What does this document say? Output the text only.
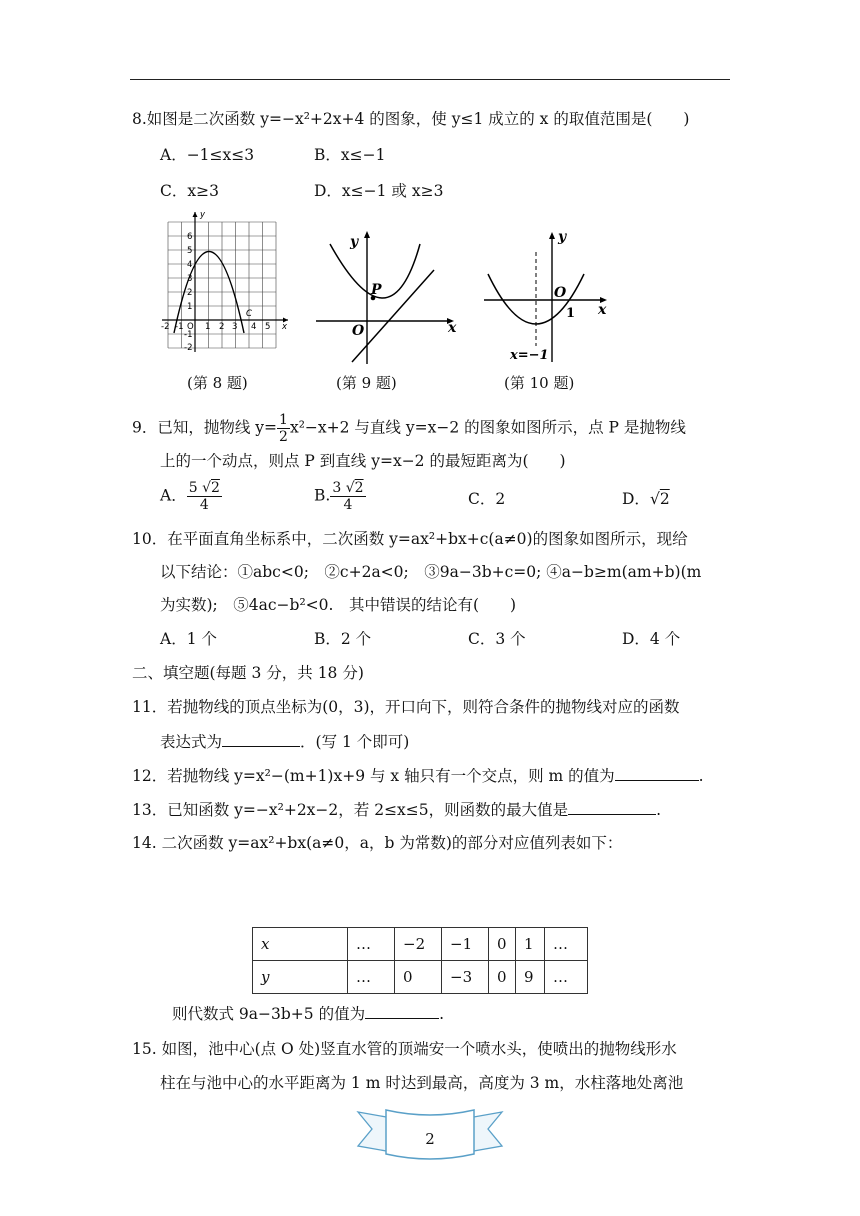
8.如图是二次函数 y=−x²+2x+4 的图象，使 y≤1 成立的 x 的取值范围是(　　)
A．−1≤x≤3	B．x≤−1
C．x≥3	D．x≤−1 或 x≥3
y
x
C
6
5
4
3
2
1
-1
-2
-2 -1 O 1 2 3 4 5
y
x
O
P
y
x
O
x=−1
1
(第 8 题)	(第 9 题)	(第 10 题)
9．已知，抛物线 $y= \frac{1}{2} x^2-x+2$ 与直线 y=x−2 的图象如图所示，点 P 是抛物线
上的一个动点，则点 P 到直线 y=x−2 的最短距离为(　　)
A． $\frac{5 √2}{4}$	B. $\frac{3 √2}{4}$	C．2	D．√2
10．在平面直角坐标系中，二次函数 y=ax²+bx+c(a≠0)的图象如图所示，现给
以下结论：①abc<0;　②c+2a<0;　③9a−3b+c=0; ④a−b≥m(am+b)(m
为实数);　⑤4ac−b²<0.　其中错误的结论有(　　)
A．1 个	B．2 个	C．3 个	D．4 个
二、填空题(每题 3 分，共 18 分)
11．若抛物线的顶点坐标为(0，3)，开口向下，则符合条件的抛物线对应的函数
表达式为	．(写 1 个即可)
12．若抛物线 y=x²−(m+1)x+9 与 x 轴只有一个交点，则 m 的值为	.
13．已知函数 y=−x²+2x−2，若 2≤x≤5，则函数的最大值是	.
14. 二次函数 y=ax²+bx(a≠0，a，b 为常数)的部分对应值列表如下：
x	…	−2	−1	0	1	…
y	…	0	−3	0	9	…
则代数式 9a−3b+5 的值为	.
15. 如图，池中心(点 O 处)竖直水管的顶端安一个喷水头，使喷出的抛物线形水
柱在与池中心的水平距离为 1 m 时达到最高，高度为 3 m，水柱落地处离池
2
